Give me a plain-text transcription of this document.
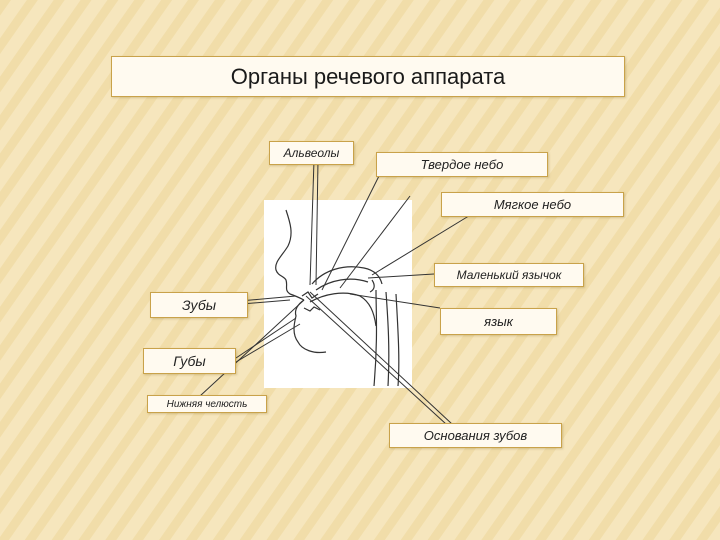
Органы речевого аппарата
Альвеолы
Твердое небо
Мягкое небо
Маленький язычок
Зубы
язык
Губы
Нижняя челюсть
Основания зубов
